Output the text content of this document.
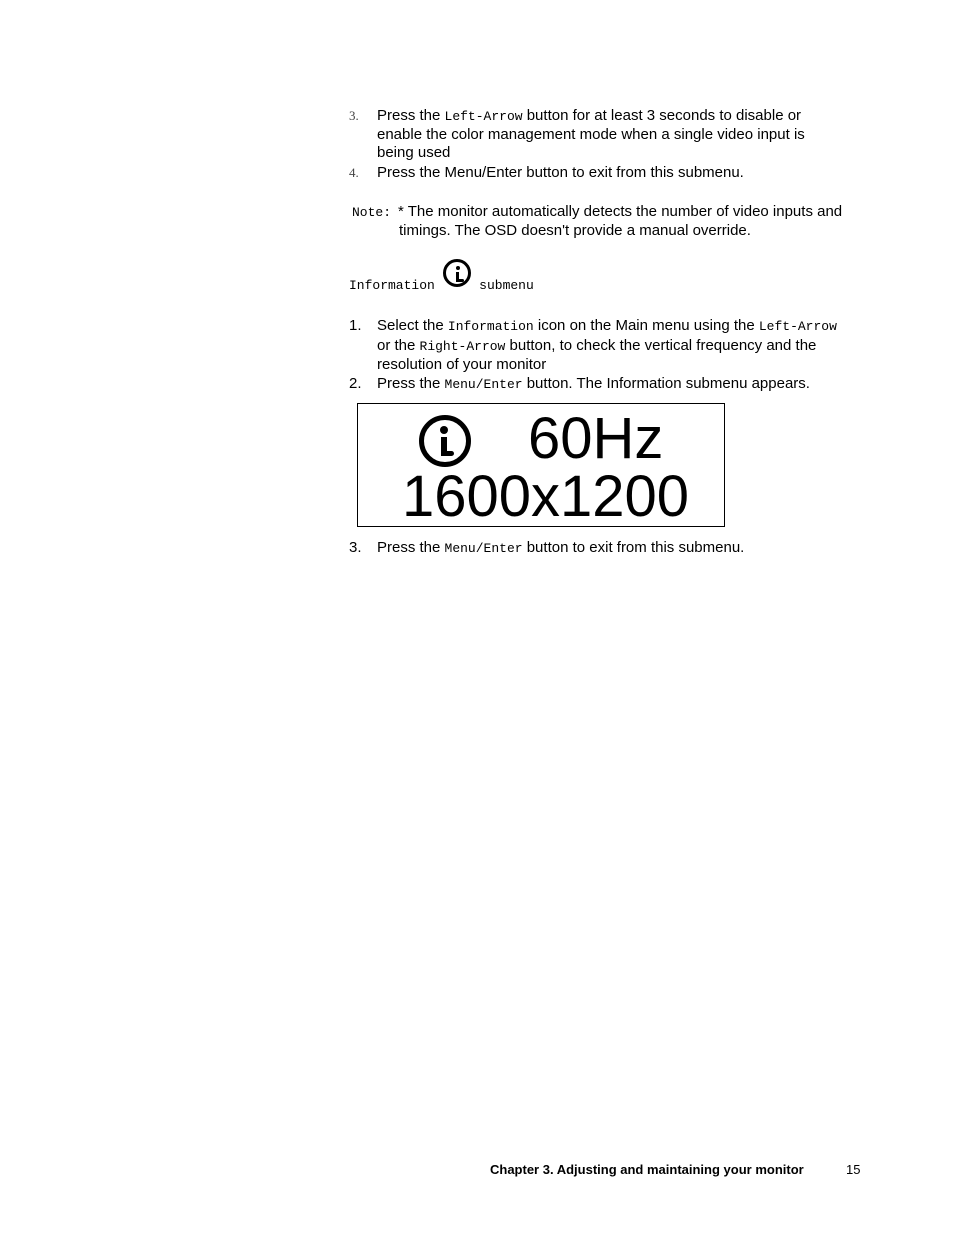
3. Press the Left-Arrow button for at least 3 seconds to disable or
enable the color management mode when a single video input is
being used
4. Press the Menu/Enter button to exit from this submenu.
Note: * The monitor automatically detects the number of video inputs and
timings. The OSD doesn't provide a manual override.
Information	submenu
1. Select the Information icon on the Main menu using the Left-Arrow
or the Right-Arrow button, to check the vertical frequency and the
resolution of your monitor
2. Press the Menu/Enter button. The Information submenu appears.
60Hz
1600x1200
3. Press the Menu/Enter button to exit from this submenu.
Chapter 3. Adjusting and maintaining your monitor	15
